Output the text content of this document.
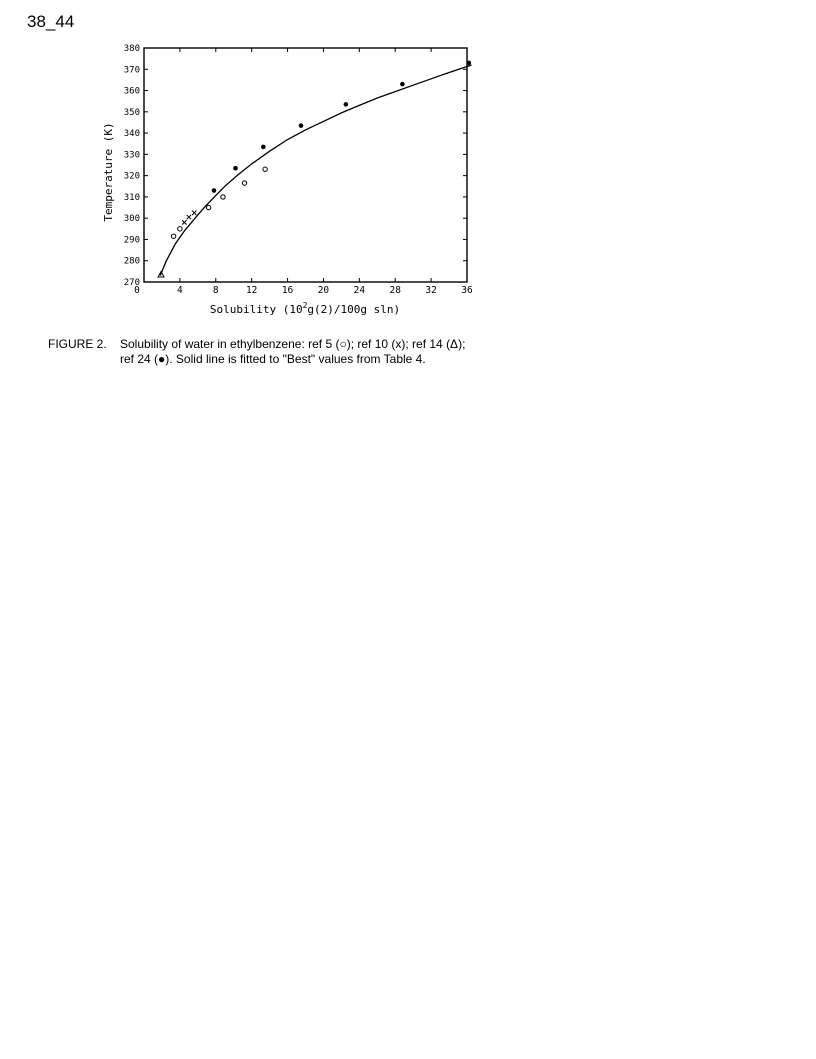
38_44
270
280
290
300
310
320
330
340
350
360
370
380
0	4	8	12	16	20	24	28	32	36
Temperature (K)
Solubility ($10^2g(2)/100g$ sln)
FIGURE 2. Solubility of water in ethylbenzene: ref 5 (○); ref 10 (x); ref 14 (Δ);
ref 24 (●). Solid line is fitted to "Best" values from Table 4.
